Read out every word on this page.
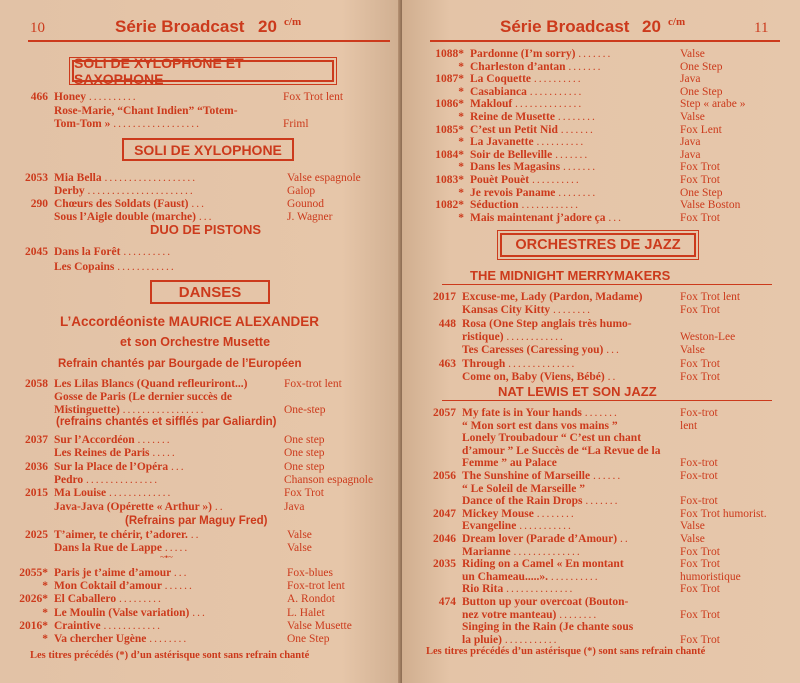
10	Série Broadcast 20 c/m
SOLI DE XYLOPHONE ET SAXOPHONE
466 Honey ..........	Fox Trot lent
Rose-Marie, “Chant Indien” “Totem-
Tom-Tom » ..................	Friml
SOLI DE XYLOPHONE
2053 Mia Bella ...................	Valse espagnole
Derby ......................	Galop
290 Chœurs des Soldats (Faust) ...	Gounod
Sous l’Aigle double (marche) ...	J. Wagner
DUO DE PISTONS
2045 Dans la Forêt ..........
Les Copains ............
DANSES
L’Accordéoniste MAURICE ALEXANDER
et son Orchestre Musette
Refrain chantés par Bourgade de l’Européen
2058 Les Lilas Blancs (Quand refleuriront...)	Fox-trot lent
Gosse de Paris (Le dernier succès de
Mistinguette) .................	One-step
(refrains chantés et sifflés par Galiardin)
2037 Sur l’Accordéon .......	One step
Les Reines de Paris .....	One step
2036 Sur la Place de l’Opéra ...	One step
Pedro ...............	Chanson espagnole
2015 Ma Louise .............	Fox Trot
Java-Java (Opérette « Arthur ») ..	Java
(Refrains par Maguy Fred)
2025 T’aimer, te chérir, t’adorer. ..	Valse
Dans la Rue de Lappe .....	Valse
~•~
2055* Paris je t’aime d’amour ...	Fox-blues
* Mon Coktail d’amour ......	Fox-trot lent
2026* El Caballero .........	A. Rondot
* Le Moulin (Valse variation) ...	L. Halet
2016* Craintive ............	Valse Musette
* Va chercher Ugène ........	One Step
Les titres précédés (*) d’un astérisque sont sans refrain chanté
Série Broadcast 20 c/m	11
1088* Pardonne (I’m sorry) .......	Valse
* Charleston d’antan .......	One Step
1087* La Coquette ..........	Java
* Casabianca ...........	One Step
1086* Maklouf ..............	Step « arabe »
* Reine de Musette ........	Valse
1085* C’est un Petit Nid .......	Fox Lent
* La Javanette ..........	Java
1084* Soir de Belleville .......	Java
* Dans les Magasins .......	Fox Trot
1083* Pouèt Pouèt ..........	Fox Trot
* Je revois Paname ........	One Step
1082* Séduction ............	Valse Boston
* Mais maintenant j’adore ça ...	Fox Trot
ORCHESTRES DE JAZZ
THE MIDNIGHT MERRYMAKERS
2017 Excuse-me, Lady (Pardon, Madame)	Fox Trot lent
Kansas City Kitty ........	Fox Trot
448 Rosa (One Step anglais très humo-
ristique) ............	Weston-Lee
Tes Caresses (Caressing you) ...	Valse
463 Through ..............	Fox Trot
Come on, Baby (Viens, Bébé) ..	Fox Trot
NAT LEWIS ET SON JAZZ
2057 My fate is in Your hands .......	Fox-trot
“ Mon sort est dans vos mains ”	lent
Lonely Troubadour “ C’est un chant
d’amour ” Le Succès de “La Revue de la
Femme ” au Palace	Fox-trot
2056 The Sunshine of Marseille ......	Fox-trot
“ Le Soleil de Marseille ”
Dance of the Rain Drops .......	Fox-trot
2047 Mickey Mouse ........	Fox Trot humorist.
Evangeline ...........	Valse
2046 Dream lover (Parade d’Amour) ..	Valse
Marianne ..............	Fox Trot
2035 Riding on a Camel « En montant	Fox Trot
un Chameau.....». ..........	humoristique
Rio Rita ..............	Fox Trot
474 Button up your overcoat (Bouton-
nez votre manteau) ........	Fox Trot
Singing in the Rain (Je chante sous
la pluie) ...........	Fox Trot
Les titres précédés d’un astérisque (*) sont sans refrain chanté
